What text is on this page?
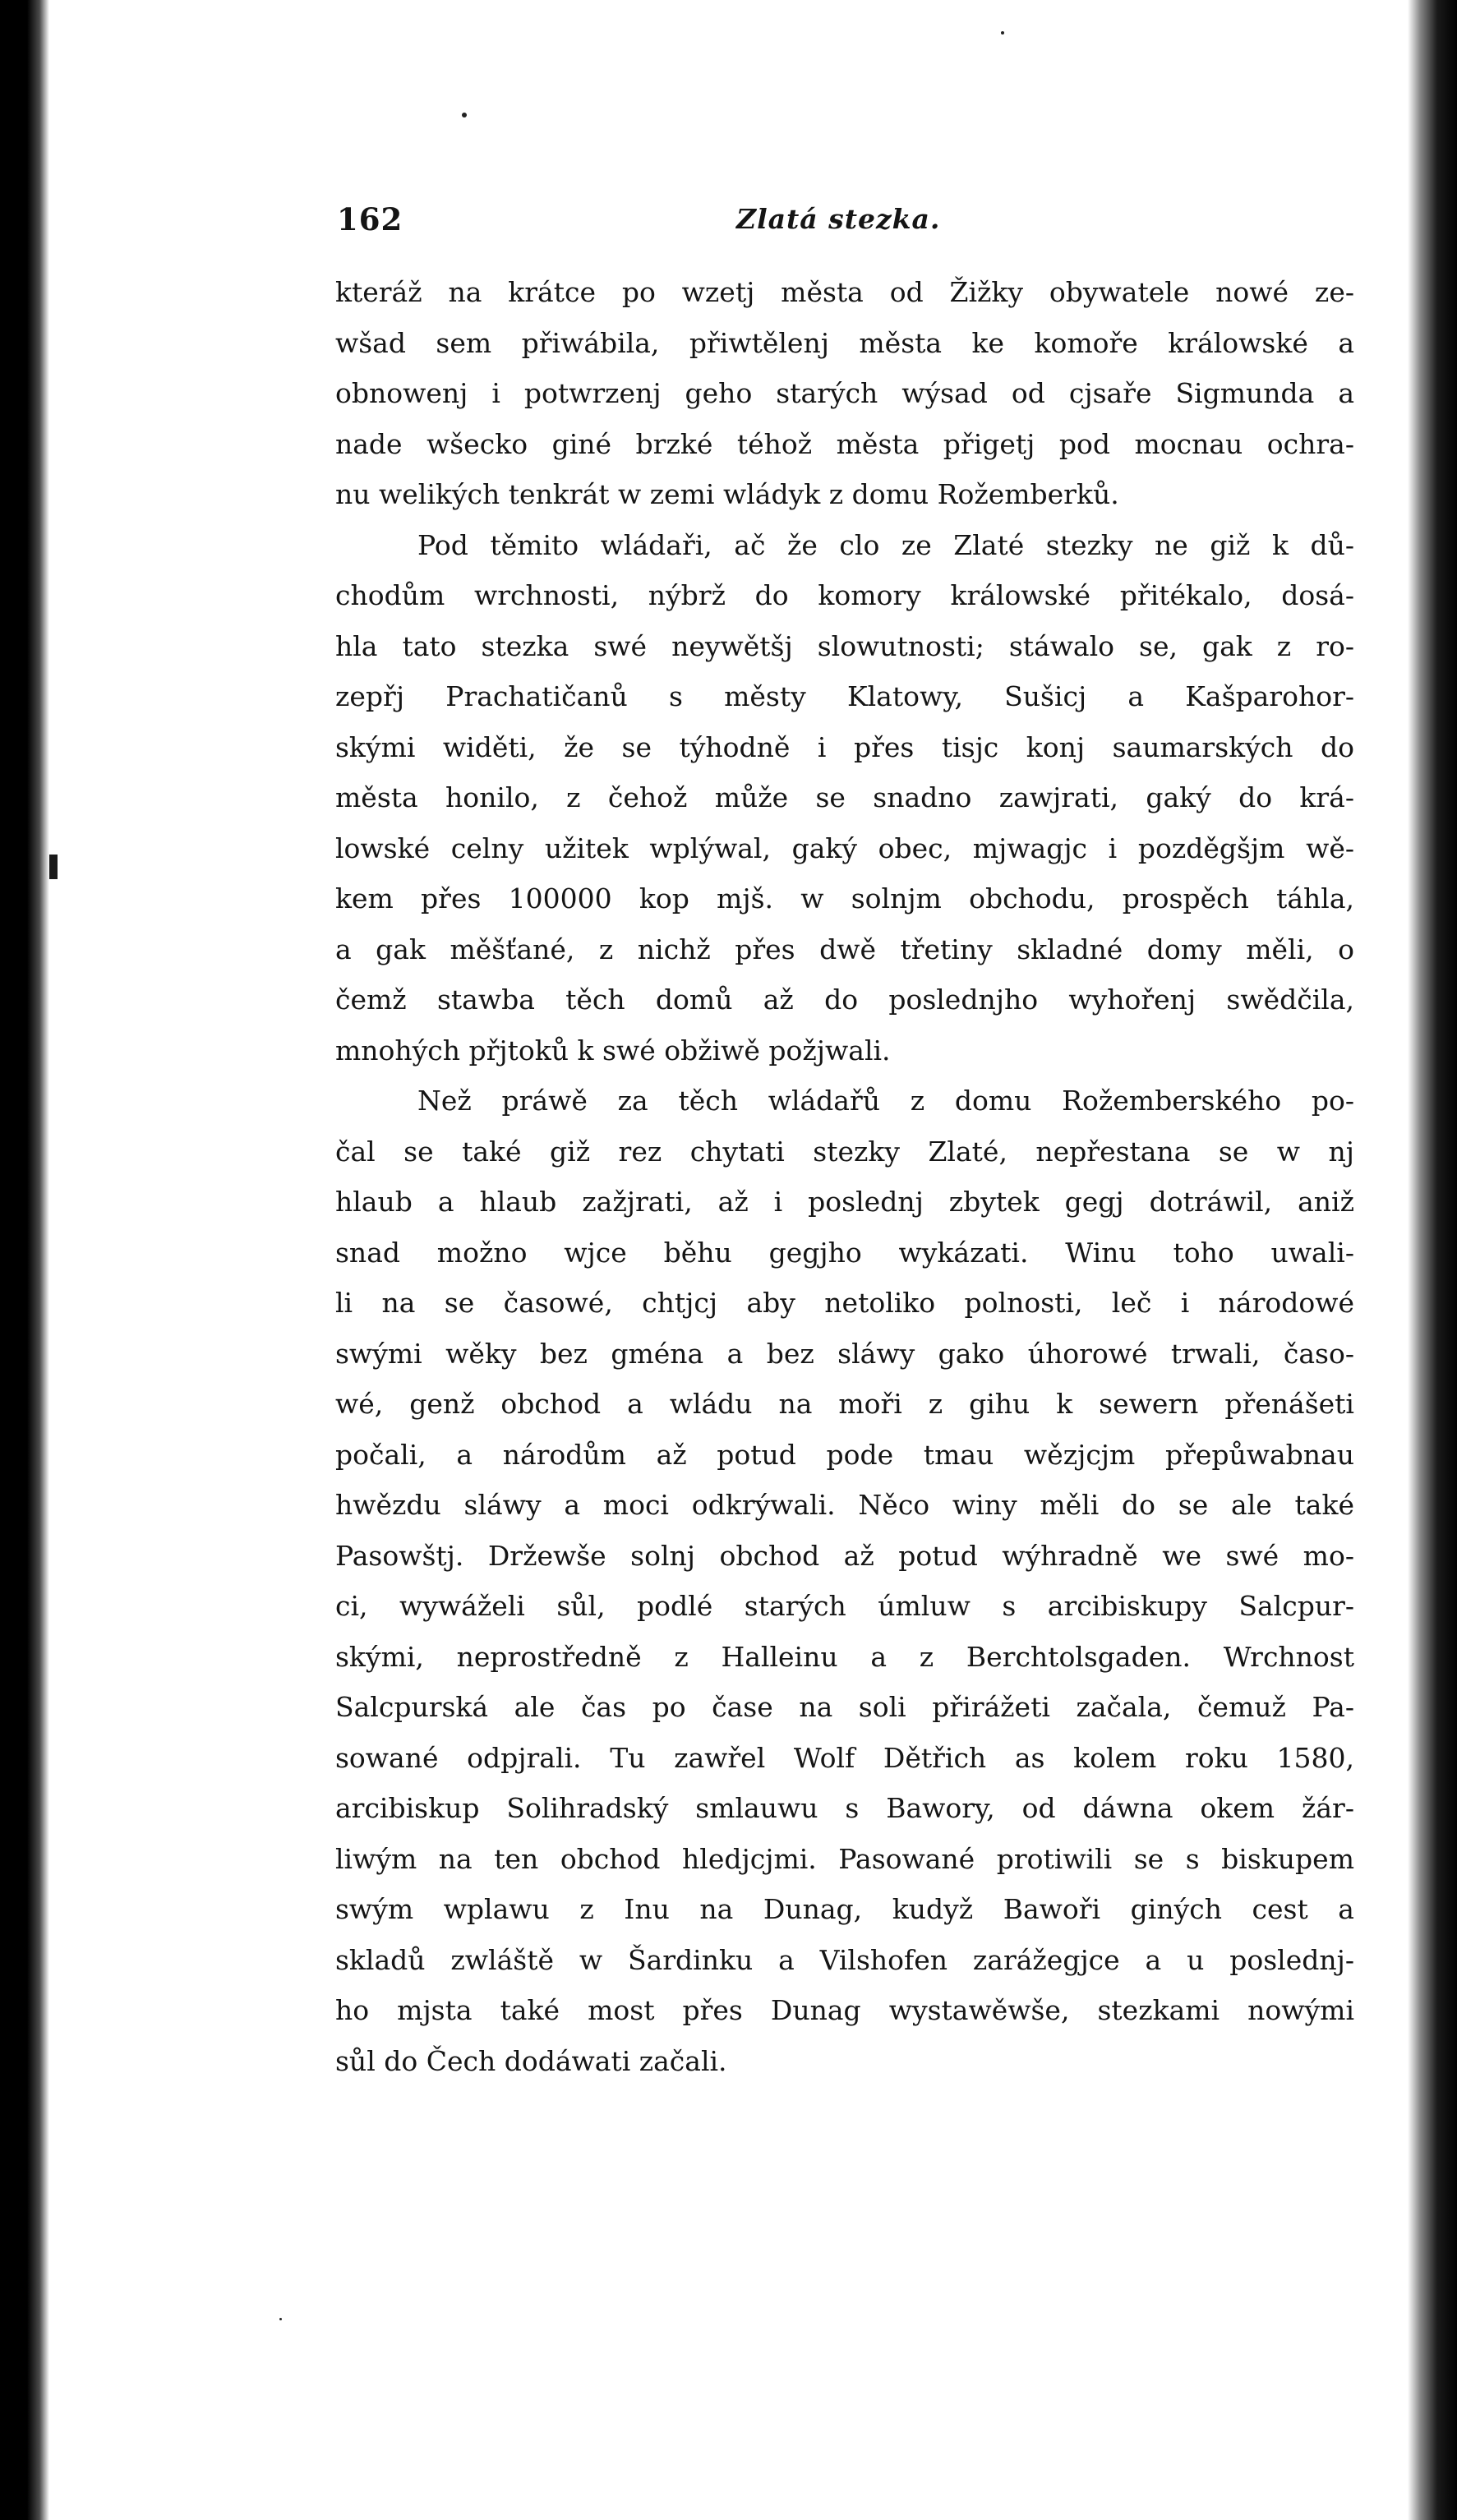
162	Zlatá stezka.
kteráž na krátce po wzetj města od Žižky obywatele nowé ze-
wšad sem přiwábila, přiwtělenj města ke komoře králowské a
obnowenj i potwrzenj geho starých wýsad od cjsaře Sigmunda a
nade wšecko giné brzké téhož města přigetj pod mocnau ochra-
nu welikých tenkrát w zemi wládyk z domu Rožemberků.
Pod těmito wládaři, ač že clo ze Zlaté stezky ne giž k dů-
chodům wrchnosti, nýbrž do komory králowské přitékalo, dosá-
hla tato stezka swé neywětšj slowutnosti; stáwalo se, gak z ro-
zepřj Prachatičanů s městy Klatowy, Sušicj a Kašparohor-
skými widěti, že se týhodně i přes tisjc konj saumarských do
města honilo, z čehož může se snadno zawjrati, gaký do krá-
lowské celny užitek wplýwal, gaký obec, mjwagjc i pozděgšjm wě-
kem přes 100000 kop mjš. w solnjm obchodu, prospěch táhla,
a gak měšťané, z nichž přes dwě třetiny skladné domy měli, o
čemž stawba těch domů až do poslednjho wyhořenj swědčila,
mnohých přjtoků k swé obžiwě požjwali.
Než práwě za těch wládařů z domu Rožemberského po-
čal se také giž rez chytati stezky Zlaté, nepřestana se w nj
hlaub a hlaub zažjrati, až i poslednj zbytek gegj dotráwil, aniž
snad možno wjce běhu gegjho wykázati. Winu toho uwali-
li na se časowé, chtjcj aby netoliko polnosti, leč i národowé
swými wěky bez gména a bez sláwy gako úhorowé trwali, časo-
wé, genž obchod a wládu na moři z gihu k sewern přenášeti
počali, a národům až potud pode tmau wězjcjm přepůwabnau
hwězdu sláwy a moci odkrýwali. Něco winy měli do se ale také
Pasowštj. Držewše solnj obchod až potud wýhradně we swé mo-
ci, wywáželi sůl, podlé starých úmluw s arcibiskupy Salcpur-
skými, neprostředně z Halleinu a z Berchtolsgaden. Wrchnost
Salcpurská ale čas po čase na soli přirážeti začala, čemuž Pa-
sowané odpjrali. Tu zawřel Wolf Dětřich as kolem roku 1580,
arcibiskup Solihradský smlauwu s Bawory, od dáwna okem žár-
liwým na ten obchod hledjcjmi. Pasowané protiwili se s biskupem
swým wplawu z Inu na Dunag, kudyž Bawoři giných cest a
skladů zwláště w Šardinku a Vilshofen zarážegjce a u poslednj-
ho mjsta také most přes Dunag wystawěwše, stezkami nowými
sůl do Čech dodáwati začali.
